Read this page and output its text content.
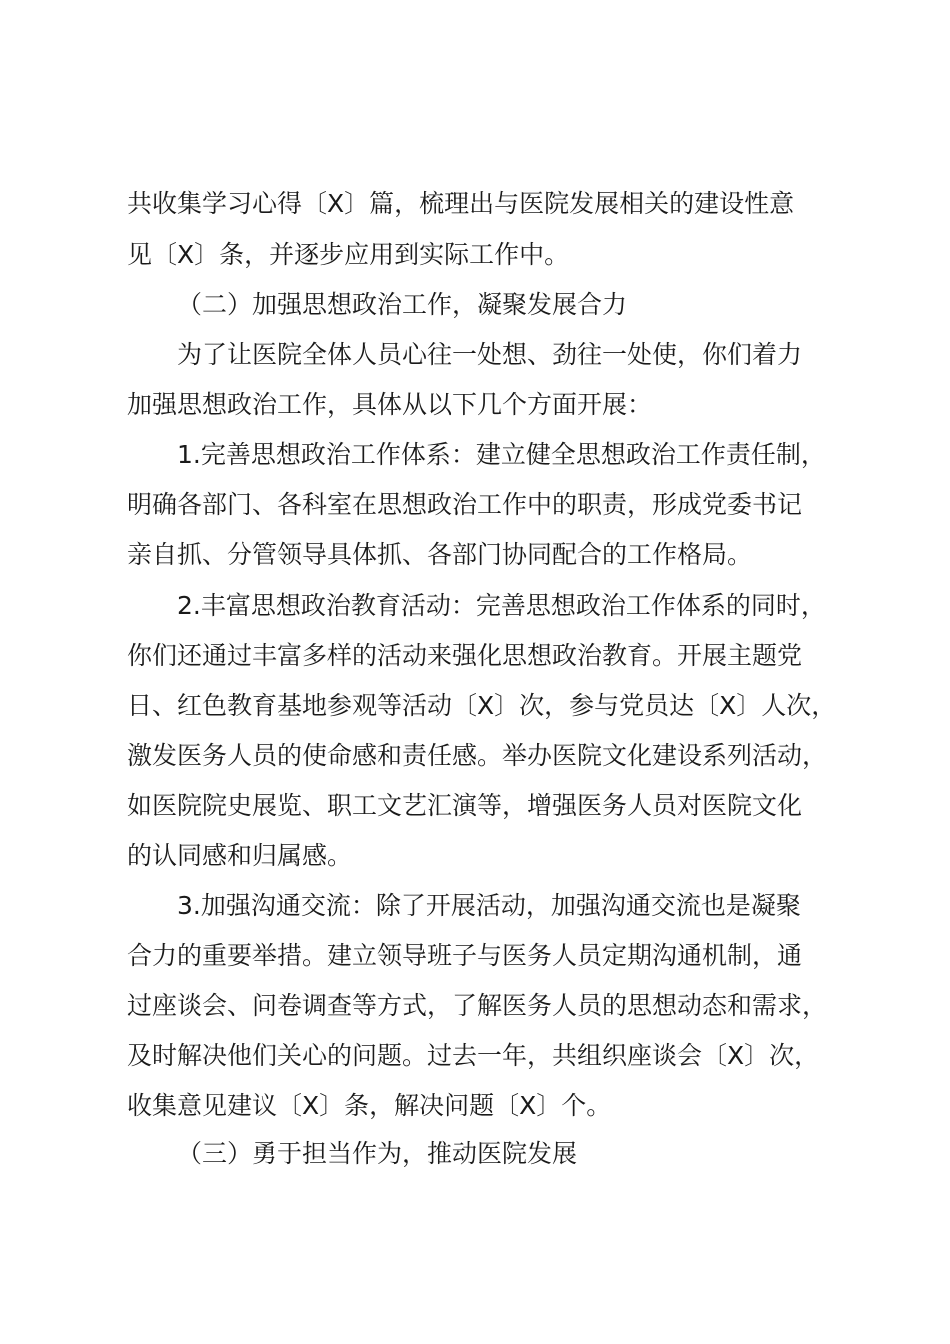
共收集学习心得〔X〕篇，梳理出与医院发展相关的建设性意
见〔X〕条，并逐步应用到实际工作中。
（二）加强思想政治工作，凝聚发展合力
为了让医院全体人员心往一处想、劲往一处使，你们着力
加强思想政治工作，具体从以下几个方面开展：
1.完善思想政治工作体系：建立健全思想政治工作责任制，
明确各部门、各科室在思想政治工作中的职责，形成党委书记
亲自抓、分管领导具体抓、各部门协同配合的工作格局。
2.丰富思想政治教育活动：完善思想政治工作体系的同时，
你们还通过丰富多样的活动来强化思想政治教育。开展主题党
日、红色教育基地参观等活动〔X〕次，参与党员达〔X〕人次，
激发医务人员的使命感和责任感。举办医院文化建设系列活动，
如医院院史展览、职工文艺汇演等，增强医务人员对医院文化
的认同感和归属感。
3.加强沟通交流：除了开展活动，加强沟通交流也是凝聚
合力的重要举措。建立领导班子与医务人员定期沟通机制，通
过座谈会、问卷调查等方式，了解医务人员的思想动态和需求，
及时解决他们关心的问题。过去一年，共组织座谈会〔X〕次，
收集意见建议〔X〕条，解决问题〔X〕个。
（三）勇于担当作为，推动医院发展
